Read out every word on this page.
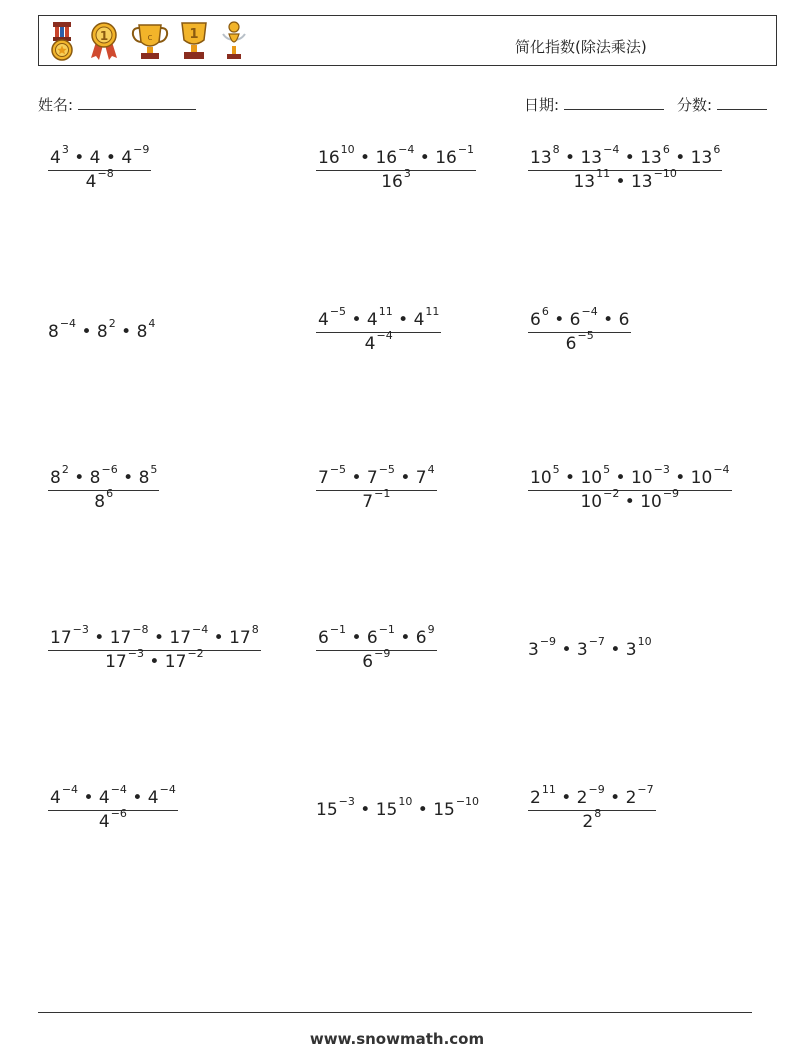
1	c	1
简化指数(除法乘法)
姓名:	日期:	分数:
$\frac{4^3 • 4 • 4^{-9}}{4^{-8}}$	$\frac{16^{10} • 16^{-4} • 16^{-1}}{16^3}$	$\frac{13^8 • 13^{-4} • 13^6 • 13^6}{13^{11} • 13^{-10}}$
$8^{-4}$ • $8^2$ • $8^4$	$\frac{4^{-5} • 4^{11} • 4^{11}}{4^{-4}}$	$\frac{6^6 • 6^{-4} • 6}{6^{-5}}$
$\frac{8^2 • 8^{-6} • 8^5}{8^6}$	$\frac{7^{-5} • 7^{-5} • 7^4}{7^{-1}}$	$\frac{10^5 • 10^5 • 10^{-3} • 10^{-4}}{10^{-2} • 10^{-9}}$
$\frac{17^{-3} • 17^{-8} • 17^{-4} • 17^8}{17^{-3} • 17^{-2}}$	$\frac{6^{-1} • 6^{-1} • 6^9}{6^{-9}}$	$3^{-9}$ • $3^{-7}$ • $3^{10}$
$\frac{4^{-4} • 4^{-4} • 4^{-4}}{4^{-6}}$	$15^{-3}$ • $15^{10}$ • $15^{-10}$	$\frac{2^{11} • 2^{-9} • 2^{-7}}{2^8}$
www.snowmath.com
